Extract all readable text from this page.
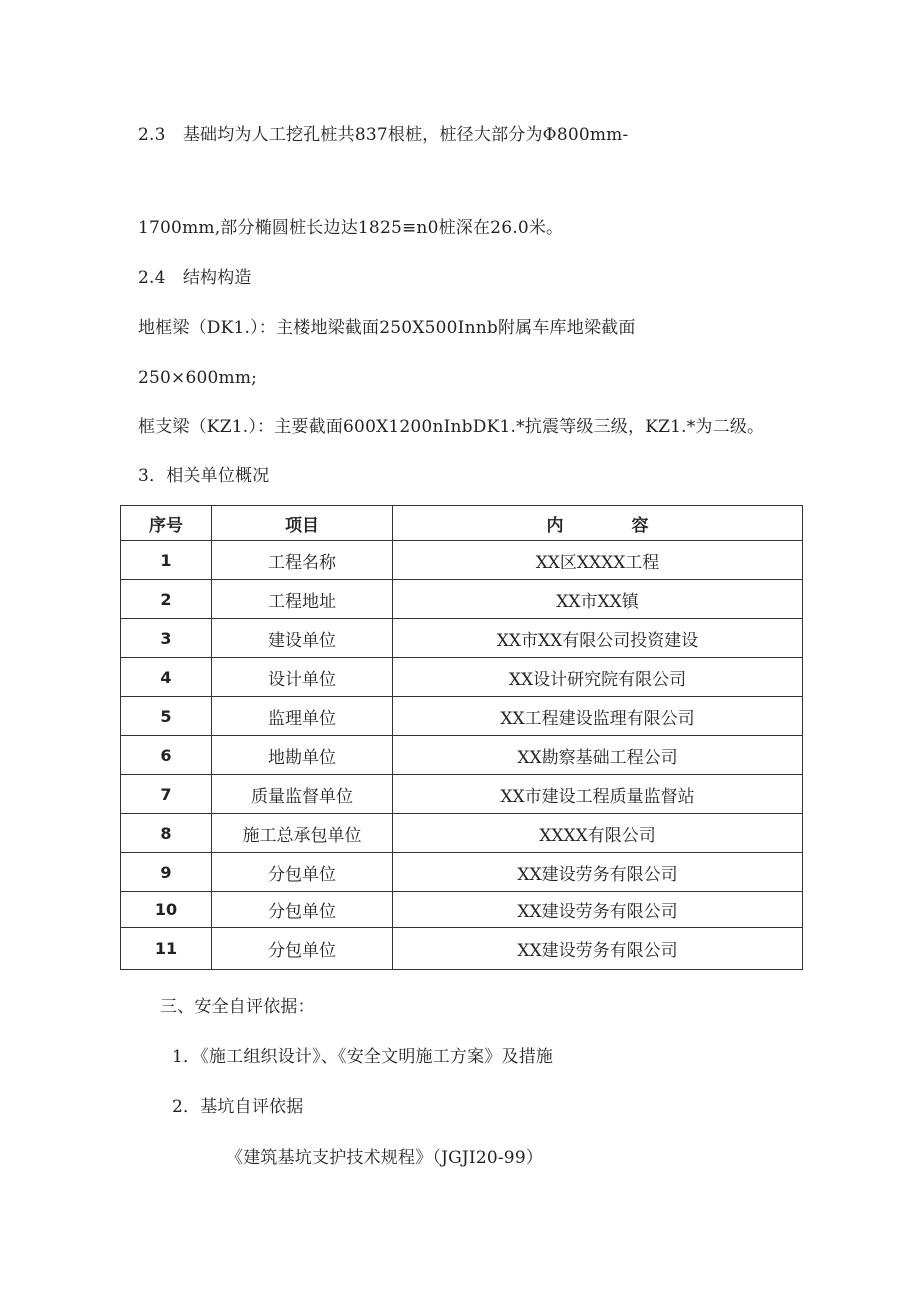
2.3　基础均为人工挖孔桩共837根桩，桩径大部分为Φ800mm-
1700mm,部分椭圆桩长边达1825≡n0桩深在26.0米。
2.4　结构构造
地框梁（DK1.）：主楼地梁截面250X500Innb附属车库地梁截面
250×600mm;
框支梁（KZ1.）：主要截面600X1200nInbDK1.*抗震等级三级，KZ1.*为二级。
3．相关单位概况
序号	项目	内　　　　容
1	工程名称	XX区XXXX工程
2	工程地址	XX市XX镇
3	建设单位	XX市XX有限公司投资建设
4	设计单位	XX设计研究院有限公司
5	监理单位	XX工程建设监理有限公司
6	地勘单位	XX勘察基础工程公司
7	质量监督单位	XX市建设工程质量监督站
8	施工总承包单位	XXXX有限公司
9	分包单位	XX建设劳务有限公司
10	分包单位	XX建设劳务有限公司
11	分包单位	XX建设劳务有限公司
三、安全自评依据：
1．《施工组织设计》、《安全文明施工方案》及措施
2．基坑自评依据
《建筑基坑支护技术规程》（JGJI20-99）
